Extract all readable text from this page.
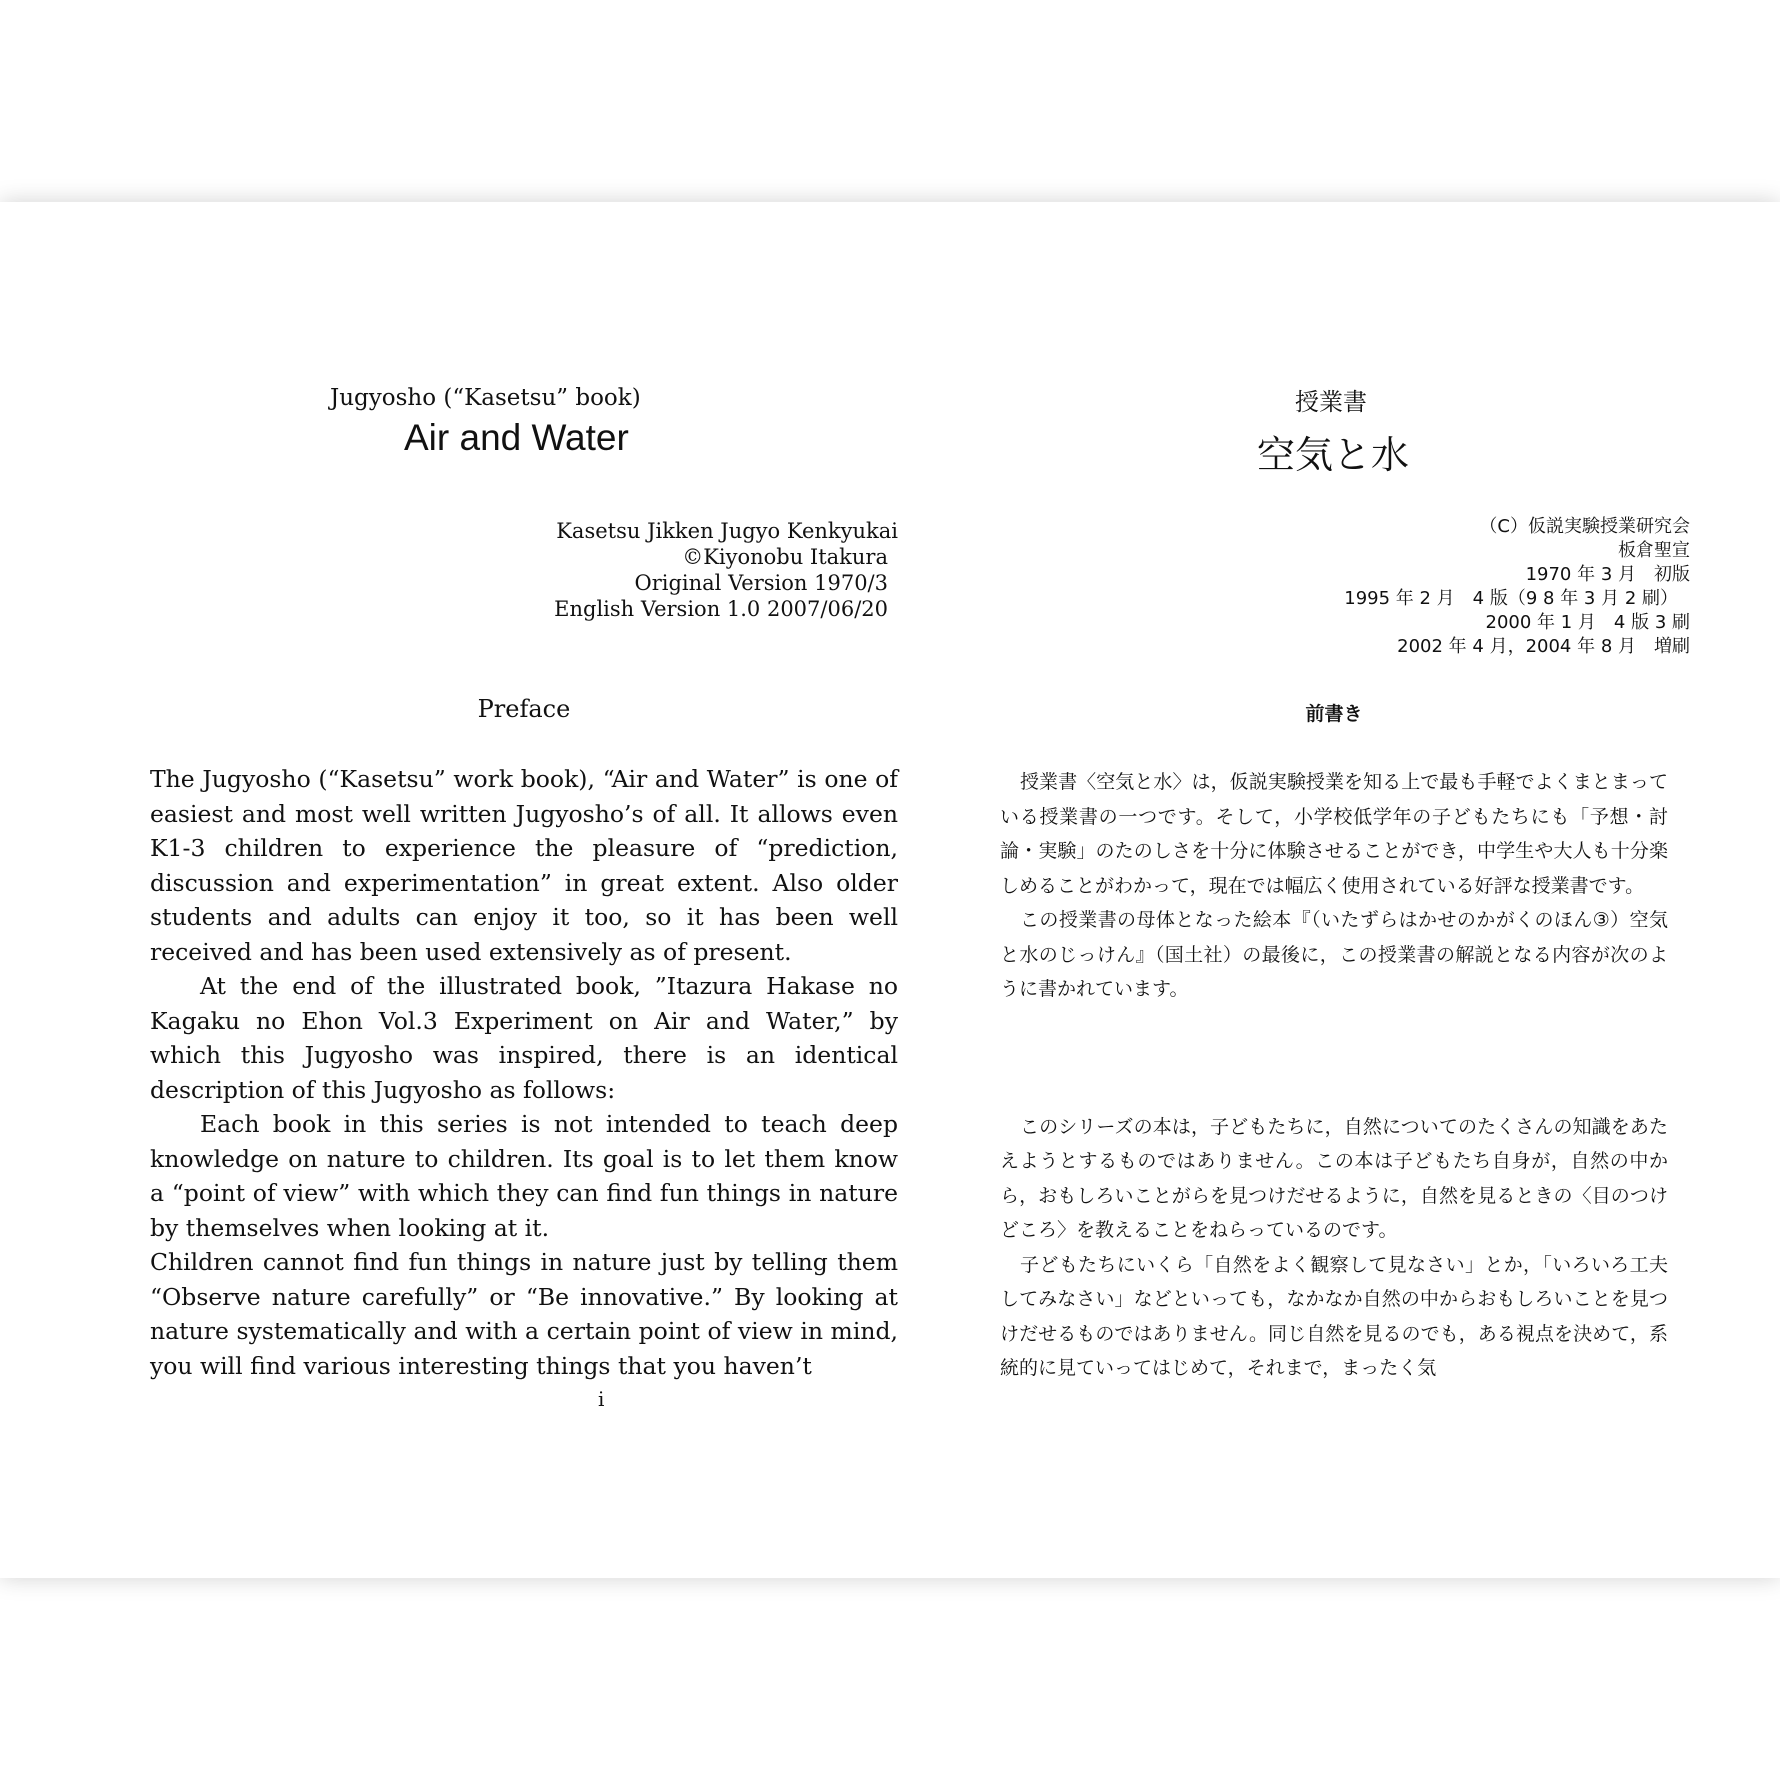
Jugyosho (“Kasetsu” book)
Air and Water
Kasetsu Jikken Jugyo Kenkyukai
©Kiyonobu Itakura
Original Version 1970/3
English Version 1.0 2007/06/20
Preface

The Jugyosho (“Kasetsu” work book), “Air and Water” is one of easiest and most well written Jugyosho’s of all. It allows even K1-3 children to experience the pleasure of “prediction, discussion and experimentation” in great extent. Also older students and adults can enjoy it too, so it has been well received and has been used extensively as of present.

At the end of the illustrated book, ”Itazura Hakase no Kagaku no Ehon Vol.3 Experiment on Air and Water,” by which this Jugyosho was inspired, there is an identical description of this Jugyosho as follows:

Each book in this series is not intended to teach deep knowledge on nature to children. Its goal is to let them know a “point of view” with which they can find fun things in nature by themselves when looking at it.

Children cannot find fun things in nature just by telling them “Observe nature carefully” or “Be innovative.” By looking at nature systematically and with a certain point of view in mind, you will find various interesting things that you haven’t

i
授業書
空気と水
（C）仮説実験授業研究会
板倉聖宣
1970 年 3 月　初版
1995 年 2 月　4 版（9 8 年 3 月 2 刷）
2000 年 1 月　4 版 3 刷
2002 年 4 月，2004 年 8 月　増刷
前書き

授業書〈空気と水〉は，仮説実験授業を知る上で最も手軽でよくまとまっている授業書の一つです。そして，小学校低学年の子どもたちにも「予想・討論・実験」のたのしさを十分に体験させることができ，中学生や大人も十分楽しめることがわかって，現在では幅広く使用されている好評な授業書です。

この授業書の母体となった絵本『（いたずらはかせのかがくのほん③）空気と水のじっけん』（国土社）の最後に，この授業書の解説となる内容が次のように書かれています。

このシリーズの本は，子どもたちに，自然についてのたくさんの知識をあたえようとするものではありません。この本は子どもたち自身が，自然の中から，おもしろいことがらを見つけだせるように，自然を見るときの〈目のつけどころ〉を教えることをねらっているのです。

子どもたちにいくら「自然をよく観察して見なさい」とか，「いろいろ工夫してみなさい」などといっても，なかなか自然の中からおもしろいことを見つけだせるものではありません。同じ自然を見るのでも，ある視点を決めて，系統的に見ていってはじめて，それまで，まったく気
